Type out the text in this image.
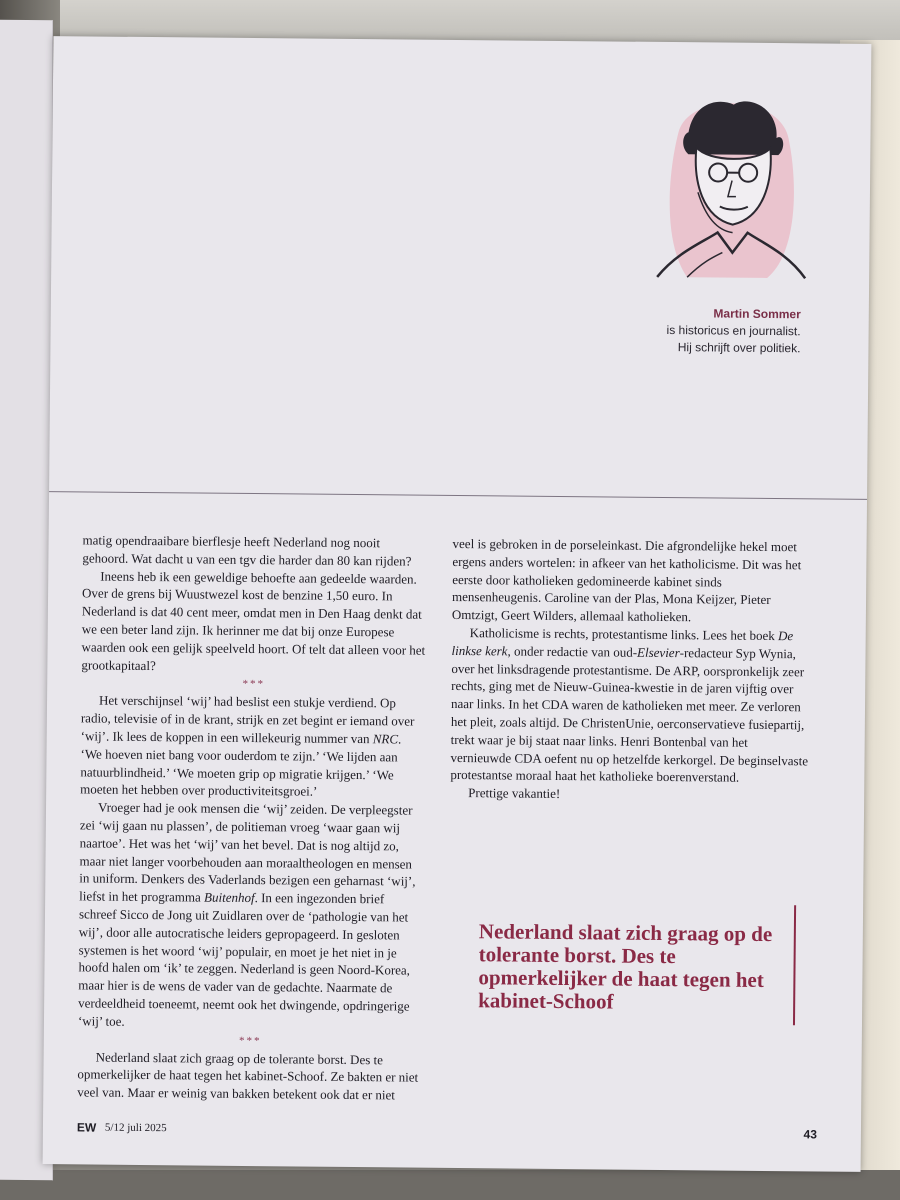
Martin Sommer
is historicus en journalist.
Hij schrijft over politiek.

matig opendraaibare bierflesje heeft Nederland nog nooit gehoord. Wat dacht u van een tgv die harder dan 80 kan rijden?

Ineens heb ik een geweldige behoefte aan gedeelde waarden. Over de grens bij Wuustwezel kost de benzine 1,50 euro. In Nederland is dat 40 cent meer, omdat men in Den Haag denkt dat we een beter land zijn. Ik herinner me dat bij onze Europese waarden ook een gelijk speelveld hoort. Of telt dat alleen voor het grootkapitaal?

***

Het verschijnsel ‘wij’ had beslist een stukje verdiend. Op radio, televisie of in de krant, strijk en zet begint er iemand over ‘wij’. Ik lees de koppen in een willekeurig nummer van NRC. ‘We hoeven niet bang voor ouderdom te zijn.’ ‘We lijden aan natuurblindheid.’ ‘We moeten grip op migratie krijgen.’ ‘We moeten het hebben over productiviteitsgroei.’

Vroeger had je ook mensen die ‘wij’ zeiden. De verpleegster zei ‘wij gaan nu plassen’, de politieman vroeg ‘waar gaan wij naartoe’. Het was het ‘wij’ van het bevel. Dat is nog altijd zo, maar niet langer voorbehouden aan moraaltheologen en mensen in uniform. Denkers des Vaderlands bezigen een geharnast ‘wij’, liefst in het programma Buitenhof. In een ingezonden brief schreef Sicco de Jong uit Zuidlaren over de ‘pathologie van het wij’, door alle autocratische leiders gepropageerd. In gesloten systemen is het woord ‘wij’ populair, en moet je het niet in je hoofd halen om ‘ik’ te zeggen. Nederland is geen Noord-Korea, maar hier is de wens de vader van de gedachte. Naarmate de verdeeldheid toeneemt, neemt ook het dwingende, opdringerige ‘wij’ toe.

***

Nederland slaat zich graag op de tolerante borst. Des te opmerkelijker de haat tegen het kabinet-Schoof. Ze bakten er niet veel van. Maar er weinig van bakken betekent ook dat er niet

veel is gebroken in de porseleinkast. Die afgrondelijke hekel moet ergens anders wortelen: in afkeer van het katholicisme. Dit was het eerste door katholieken gedomineerde kabinet sinds mensenheugenis. Caroline van der Plas, Mona Keijzer, Pieter Omtzigt, Geert Wilders, allemaal katholieken.

Katholicisme is rechts, protestantisme links. Lees het boek De linkse kerk, onder redactie van oud-Elsevier-redacteur Syp Wynia, over het linksdragende protestantisme. De ARP, oorspronkelijk zeer rechts, ging met de Nieuw-Guinea-kwestie in de jaren vijftig over naar links. In het CDA waren de katholieken met meer. Ze verloren het pleit, zoals altijd. De ChristenUnie, oerconservatieve fusiepartij, trekt waar je bij staat naar links. Henri Bontenbal van het vernieuwde CDA oefent nu op hetzelfde kerkorgel. De beginselvaste protestantse moraal haat het katholieke boerenverstand.

Prettige vakantie!

Nederland slaat zich graag op de tolerante borst. Des te opmerkelijker de haat tegen het kabinet-Schoof
EW 5/12 juli 2025	43
